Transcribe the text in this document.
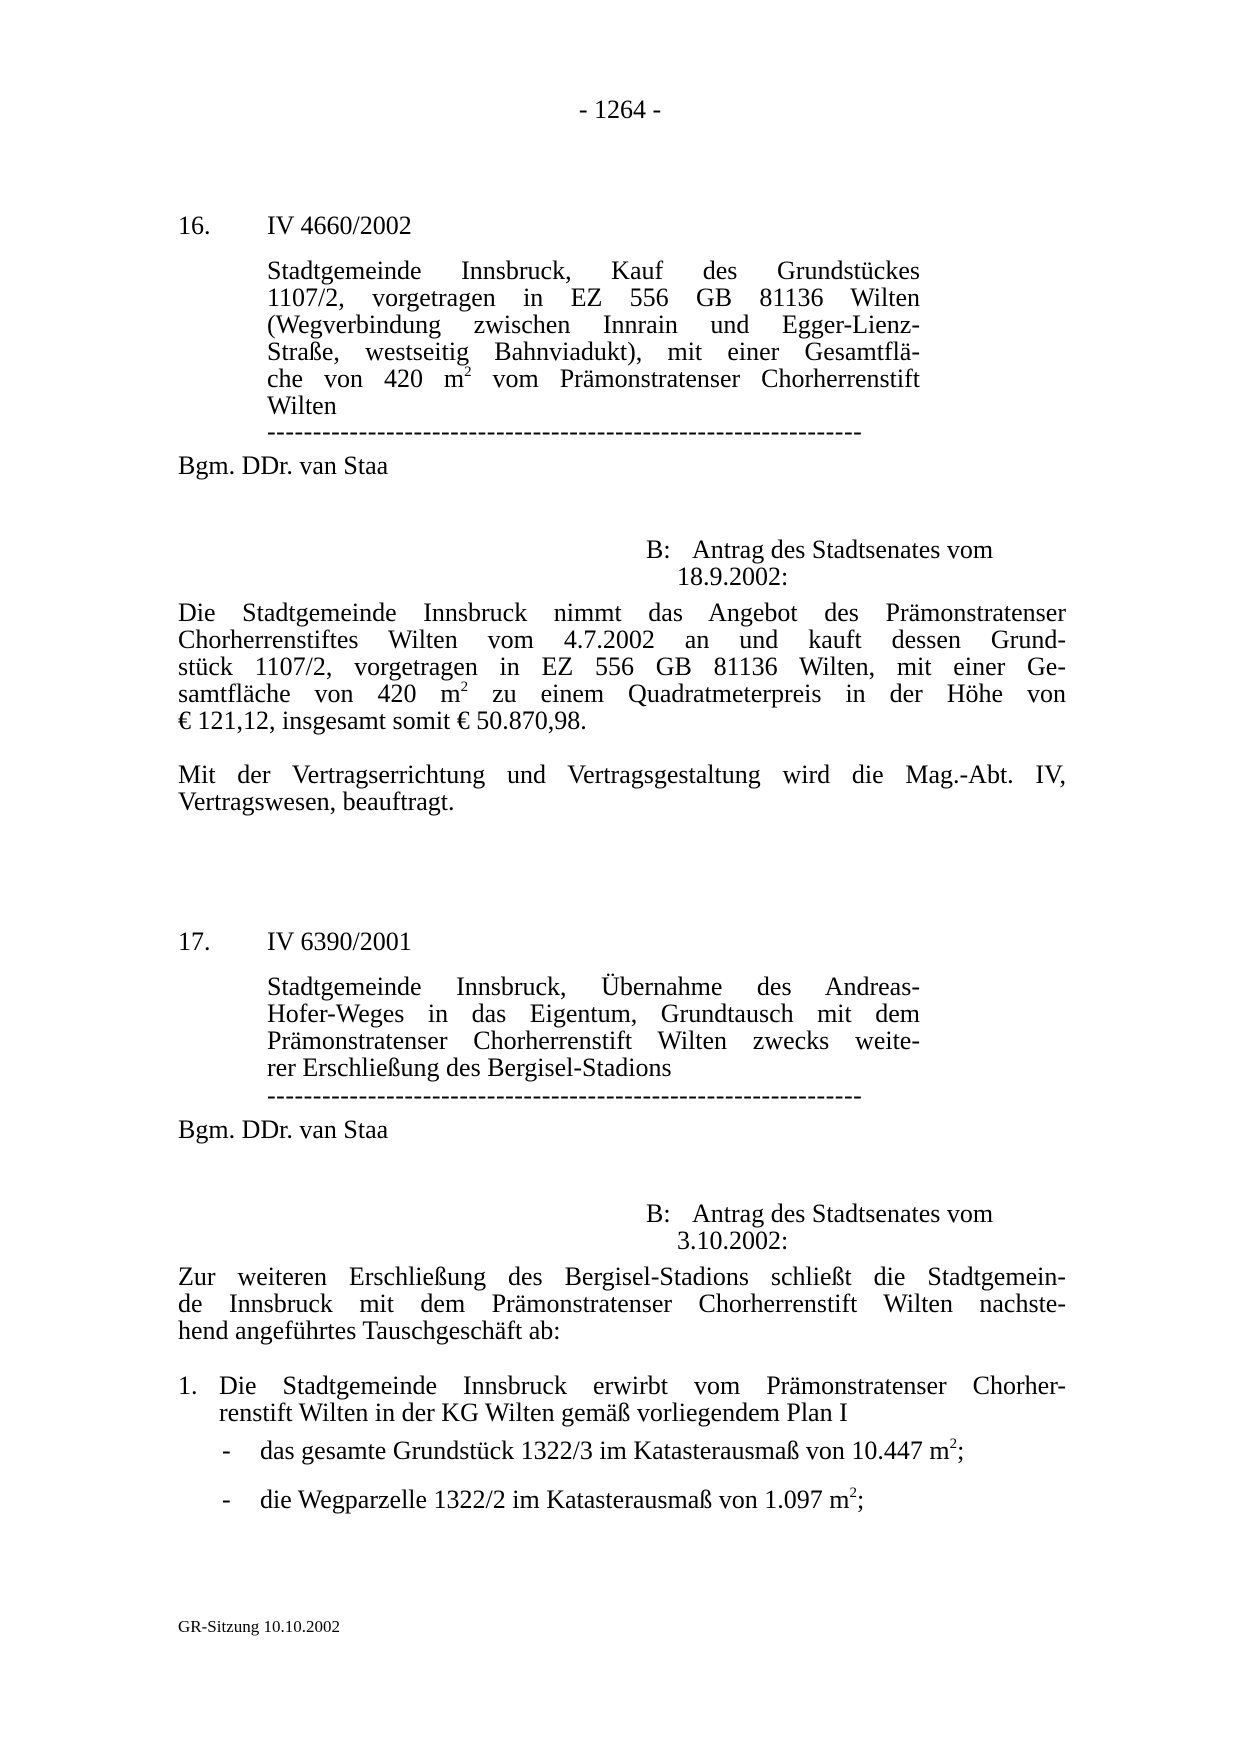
- 1264 -
16. IV 4660/2002
Stadtgemeinde Innsbruck, Kauf des Grundstückes
1107/2, vorgetragen in EZ 556 GB 81136 Wilten
(Wegverbindung zwischen Innrain und Egger-Lienz-
Straße, westseitig Bahnviadukt), mit einer Gesamtflä-
che von 420 $m^2$ vom Prämonstratenser Chorherrenstift
Wilten
-----------------------------------------------------------------
Bgm. DDr. van Staa
B: Antrag des Stadtsenates vom
18.9.2002:
Die Stadtgemeinde Innsbruck nimmt das Angebot des Prämonstratenser
Chorherrenstiftes Wilten vom 4.7.2002 an und kauft dessen Grund-
stück 1107/2, vorgetragen in EZ 556 GB 81136 Wilten, mit einer Ge-
samtfläche von 420 $m^2$ zu einem Quadratmeterpreis in der Höhe von
€ 121,12, insgesamt somit € 50.870,98.
Mit der Vertragserrichtung und Vertragsgestaltung wird die Mag.-Abt. IV,
Vertragswesen, beauftragt.
17. IV 6390/2001
Stadtgemeinde Innsbruck, Übernahme des Andreas-
Hofer-Weges in das Eigentum, Grundtausch mit dem
Prämonstratenser Chorherrenstift Wilten zwecks weite-
rer Erschließung des Bergisel-Stadions
-----------------------------------------------------------------
Bgm. DDr. van Staa
B: Antrag des Stadtsenates vom
3.10.2002:
Zur weiteren Erschließung des Bergisel-Stadions schließt die Stadtgemein-
de Innsbruck mit dem Prämonstratenser Chorherrenstift Wilten nachste-
hend angeführtes Tauschgeschäft ab:
1. Die Stadtgemeinde Innsbruck erwirbt vom Prämonstratenser Chorher-
renstift Wilten in der KG Wilten gemäß vorliegendem Plan I
- das gesamte Grundstück 1322/3 im Katasterausmaß von 10.447 $m^2$;
- die Wegparzelle 1322/2 im Katasterausmaß von 1.097 $m^2$;
GR-Sitzung 10.10.2002
